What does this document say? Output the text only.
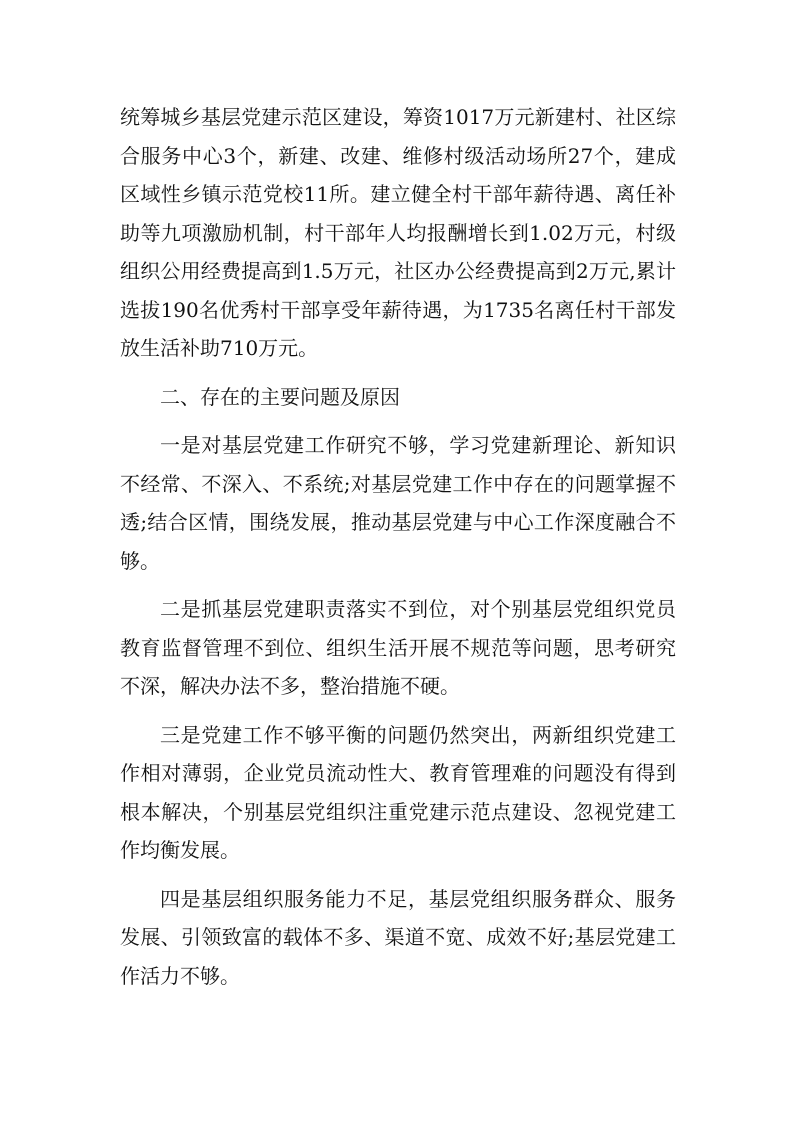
统筹城乡基层党建示范区建设，筹资1017万元新建村、社区综合服务中心3个，新建、改建、维修村级活动场所27个，建成区域性乡镇示范党校11所。建立健全村干部年薪待遇、离任补助等九项激励机制，村干部年人均报酬增长到1.02万元，村级组织公用经费提高到1.5万元，社区办公经费提高到2万元,累计选拔190名优秀村干部享受年薪待遇，为1735名离任村干部发放生活补助710万元。

二、存在的主要问题及原因

一是对基层党建工作研究不够，学习党建新理论、新知识不经常、不深入、不系统;对基层党建工作中存在的问题掌握不透;结合区情，围绕发展，推动基层党建与中心工作深度融合不够。

二是抓基层党建职责落实不到位，对个别基层党组织党员教育监督管理不到位、组织生活开展不规范等问题，思考研究不深，解决办法不多，整治措施不硬。

三是党建工作不够平衡的问题仍然突出，两新组织党建工作相对薄弱，企业党员流动性大、教育管理难的问题没有得到根本解决，个别基层党组织注重党建示范点建设、忽视党建工作均衡发展。

四是基层组织服务能力不足，基层党组织服务群众、服务发展、引领致富的载体不多、渠道不宽、成效不好;基层党建工作活力不够。
